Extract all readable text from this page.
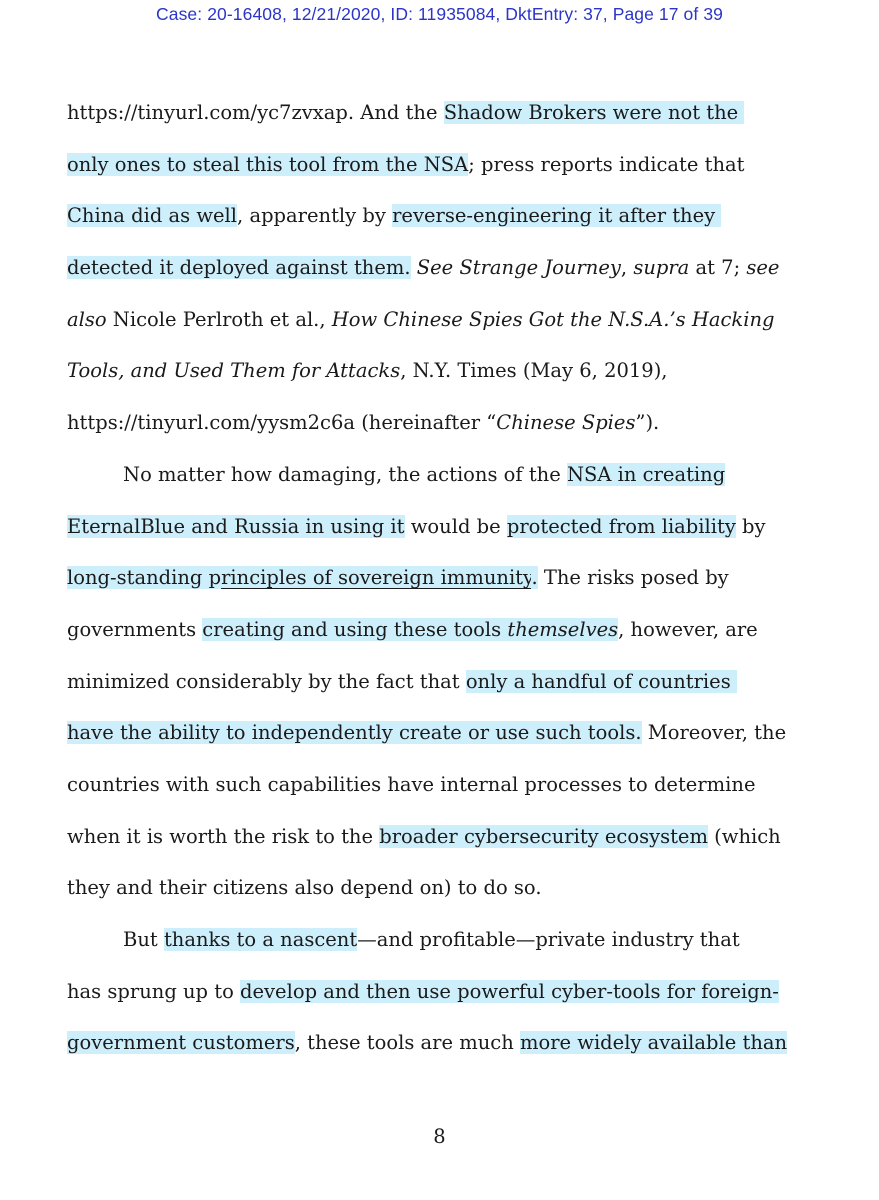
Case: 20-16408, 12/21/2020, ID: 11935084, DktEntry: 37, Page 17 of 39
https://tinyurl.com/yc7zvxap. And the Shadow Brokers were not the
only ones to steal this tool from the NSA; press reports indicate that
China did as well, apparently by reverse-engineering it after they
detected it deployed against them. See Strange Journey, supra at 7; see
also Nicole Perlroth et al., How Chinese Spies Got the N.S.A.’s Hacking
Tools, and Used Them for Attacks, N.Y. Times (May 6, 2019),
https://tinyurl.com/yysm2c6a (hereinafter “Chinese Spies”).
No matter how damaging, the actions of the NSA in creating
EternalBlue and Russia in using it would be protected from liability by
long-standing principles of sovereign immunity. The risks posed by
governments creating and using these tools themselves, however, are
minimized considerably by the fact that only a handful of countries
have the ability to independently create or use such tools. Moreover, the
countries with such capabilities have internal processes to determine
when it is worth the risk to the broader cybersecurity ecosystem (which
they and their citizens also depend on) to do so.
But thanks to a nascent—and profitable—private industry that
has sprung up to develop and then use powerful cyber-tools for foreign-
government customers, these tools are much more widely available than
8
